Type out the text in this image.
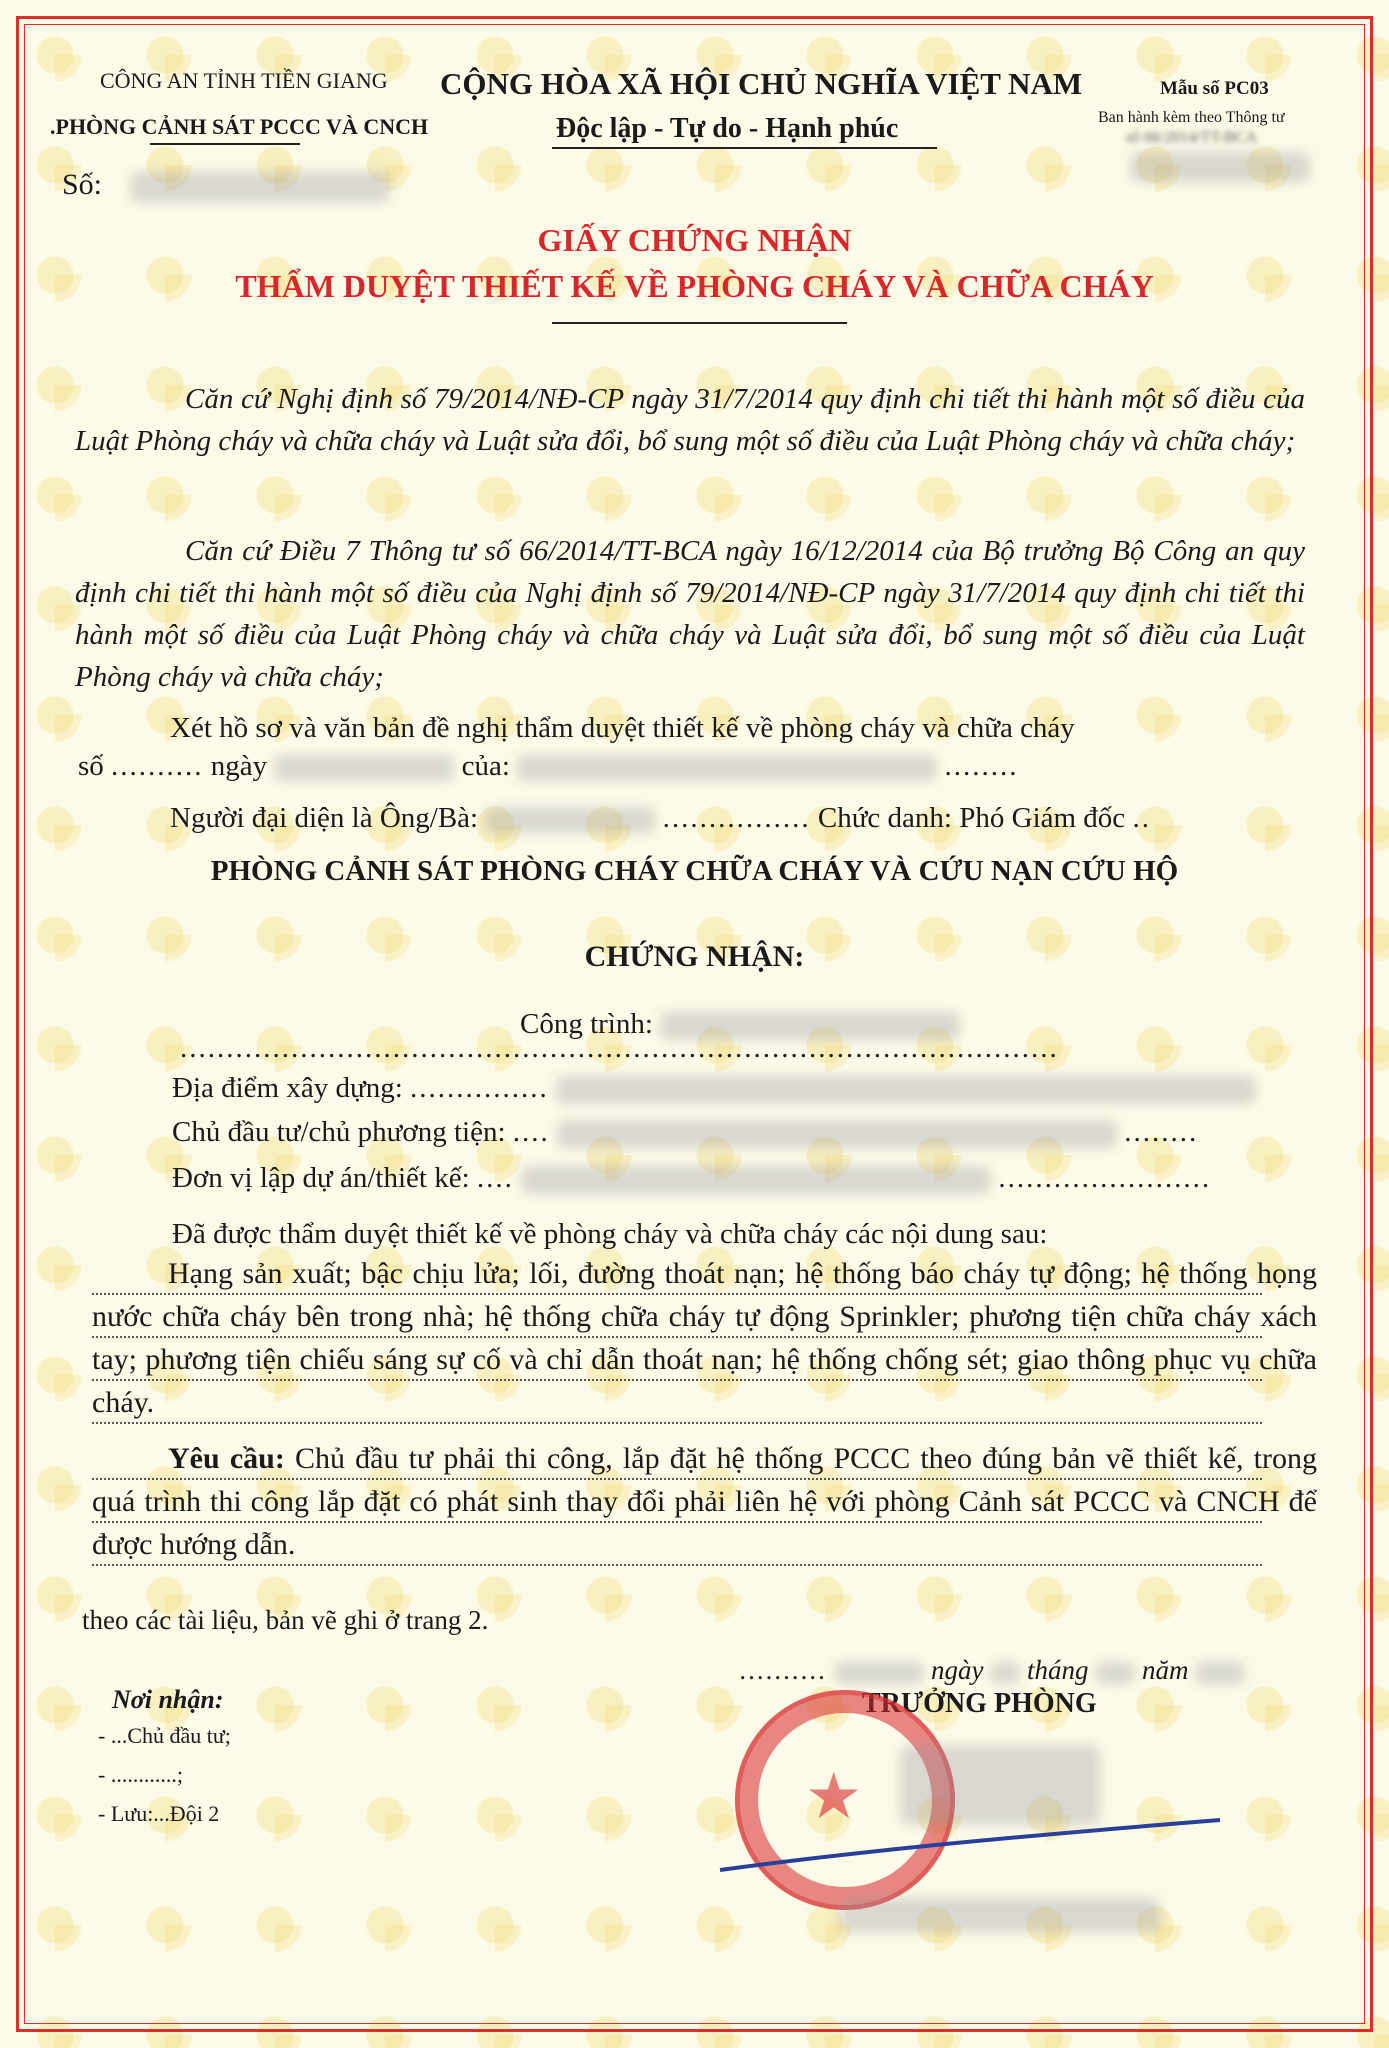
CÔNG AN TỈNH TIỀN GIANG
.PHÒNG CẢNH SÁT PCCC VÀ CNCH
CỘNG HÒA XÃ HỘI CHỦ NGHĨA VIỆT NAM
Độc lập - Tự do - Hạnh phúc
Mẫu số PC03
Ban hành kèm theo Thông tư
số 66/2014/TT-BCA
Số:
GIẤY CHỨNG NHẬN
THẨM DUYỆT THIẾT KẾ VỀ PHÒNG CHÁY VÀ CHỮA CHÁY
Căn cứ Nghị định số 79/2014/NĐ-CP ngày 31/7/2014 quy định chi tiết thi hành một số điều của Luật Phòng cháy và chữa cháy và Luật sửa đổi, bổ sung một số điều của Luật Phòng cháy và chữa cháy;
Căn cứ Điều 7 Thông tư số 66/2014/TT-BCA ngày 16/12/2014 của Bộ trưởng Bộ Công an quy định chi tiết thi hành một số điều của Nghị định số 79/2014/NĐ-CP ngày 31/7/2014 quy định chi tiết thi hành một số điều của Luật Phòng cháy và chữa cháy và Luật sửa đổi, bổ sung một số điều của Luật Phòng cháy và chữa cháy;
Xét hồ sơ và văn bản đề nghị thẩm duyệt thiết kế về phòng cháy và chữa cháy
số .......... ngày	của:	........
Người đại diện là Ông/Bà:	................ Chức danh: Phó Giám đốc ..
PHÒNG CẢNH SÁT PHÒNG CHÁY CHỮA CHÁY VÀ CỨU NẠN CỨU HỘ
CHỨNG NHẬN:
Công trình:
...............................................................................................
Địa điểm xây dựng: ...............
Chủ đầu tư/chủ phương tiện: ....	........
Đơn vị lập dự án/thiết kế: ....	.......................
Đã được thẩm duyệt thiết kế về phòng cháy và chữa cháy các nội dung sau:
Hạng sản xuất; bậc chịu lửa; lối, đường thoát nạn; hệ thống báo cháy tự động; hệ thống họng nước chữa cháy bên trong nhà; hệ thống chữa cháy tự động Sprinkler; phương tiện chữa cháy xách tay; phương tiện chiếu sáng sự cố và chỉ dẫn thoát nạn; hệ thống chống sét; giao thông phục vụ chữa cháy.
Yêu cầu: Chủ đầu tư phải thi công, lắp đặt hệ thống PCCC theo đúng bản vẽ thiết kế, trong quá trình thi công lắp đặt có phát sinh thay đổi phải liên hệ với phòng Cảnh sát PCCC và CNCH để được hướng dẫn.
theo các tài liệu, bản vẽ ghi ở trang 2.
..........	ngày tháng năm
TRƯỞNG PHÒNG
★
Nơi nhận:
- ...Chủ đầu tư;
- ............;
- Lưu:...Đội 2
